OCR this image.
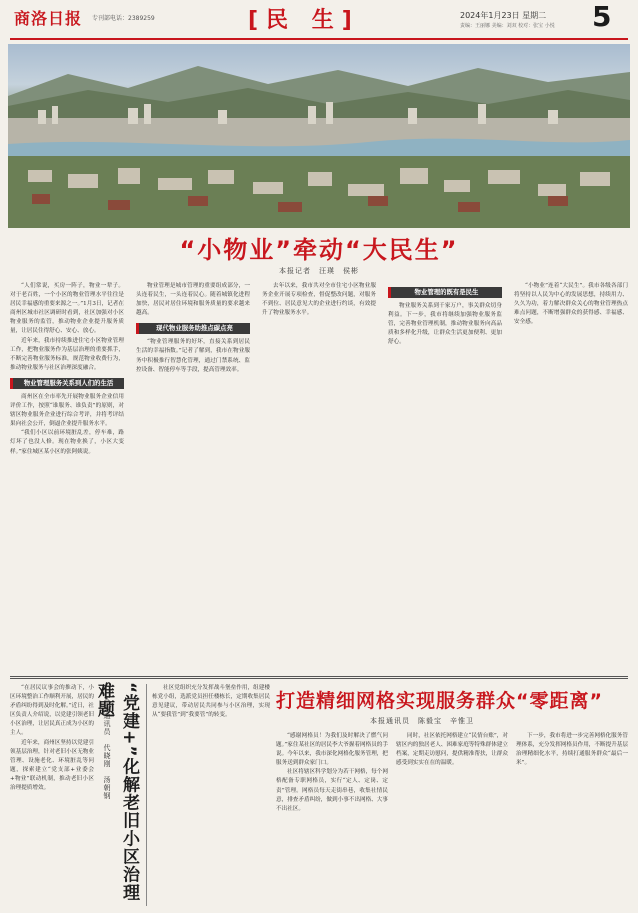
商洛日报 专刊部电话：2389259	[民 生]	2024年1月23日 星期二
责编：王丽娜 美编：刘双 校对：张宝 小悦 5
“小物业”牵动“大民生”
本报记者　汪瑛　侯彬

“人们常说，买房一阵子，物业一辈子。对于老百姓，一个小区的物业管理水平往往是居民幸福感的重要来源之一。”1月3日，记者在商州区城市社区调研时看到，社区加强对小区物业服务的监管，推动物业企业提升服务质量，让居民住得舒心、安心、放心。

近年来，我市持续推进住宅小区物业管理工作，把物业服务作为基层治理的重要抓手，不断完善物业服务标准，规范物业收费行为，推动物业服务与社区治理深度融合。

物业管理服务关系到人们的生活

商州区在全市率先开展物业服务企业信用评价工作，按照“谁服务、谁负责”的原则，对辖区物业服务企业进行综合考评，并将考评结果向社会公开，倒逼企业提升服务水平。

“我们小区以前环境脏乱差，停车难，路灯坏了也没人修。现在物业换了，小区大变样。”家住城区某小区的张阿姨说。

物业管理是城市管理的重要组成部分，一头连着民生，一头连着民心。随着城镇化进程加快，居民对居住环境和服务质量的要求越来越高。

现代物业服务助推点碳点亮

“物业管理服务的好坏，直接关系到居民生活的幸福指数。”记者了解到，我市在物业服务中积极推行智慧化管理，通过门禁系统、监控设备、智能停车等手段，提高管理效率。

去年以来，我市共对全市住宅小区物业服务企业开展专项检查，督促整改问题，对服务不到位、居民意见大的企业进行约谈，有效提升了物业服务水平。

物业管理的既有是民生

物业服务关系到千家万户，事关群众切身利益。下一步，我市将继续加强物业服务监管，完善物业管理机制，推动物业服务向高品质和多样化升级，让群众生活更加便利、更加舒心。

“小物业”连着“大民生”。我市各级各部门将坚持以人民为中心的发展思想，持续用力、久久为功，着力解决群众关心的物业管理热点难点问题，不断增强群众的获得感、幸福感、安全感。

“在居民议事会的推动下，小区环境整治工作顺利开展，居民的矛盾纠纷得到及时化解。”近日，社区负责人介绍说，以党建引领老旧小区治理，让居民真正成为小区的主人。

近年来，商州区坚持以党建引领基层治理，针对老旧小区无物业管理、设施老化、环境脏乱等问题，探索建立“党支部+业委会+物业”联动机制，推动老旧小区治理提质增效。	本报通讯员　代晓刚　汤朝钢 “党建+”化解老旧小区治理难题	社区党组织充分发挥战斗堡垒作用，组建楼栋党小组，选派党员担任楼栋长，定期收集居民意见建议，带动居民共同参与小区治理，实现从“要我管”到“我要管”的转变。

打造精细网格实现服务群众“零距离”
本报通讯员　陈毅宝　辛惟卫

“感谢网格员！为我们及时解决了燃气问题。”家住某社区的居民李大爷握着网格员的手说。今年以来，我市深化网格化服务管理，把服务送到群众家门口。

社区将辖区科学划分为若干网格，每个网格配备专职网格员，实行“定人、定岗、定责”管理。网格员每天走街串巷，收集社情民意，排查矛盾纠纷，做到小事不出网格、大事不出社区。

同时，社区依托网格建立“民情台账”，对辖区内的独居老人、困难家庭等特殊群体建立档案，定期走访慰问，提供精准帮扶，让群众感受到实实在在的温暖。

下一步，我市将进一步完善网格化服务管理体系，充分发挥网格员作用，不断提升基层治理精细化水平，持续打通服务群众“最后一米”。
